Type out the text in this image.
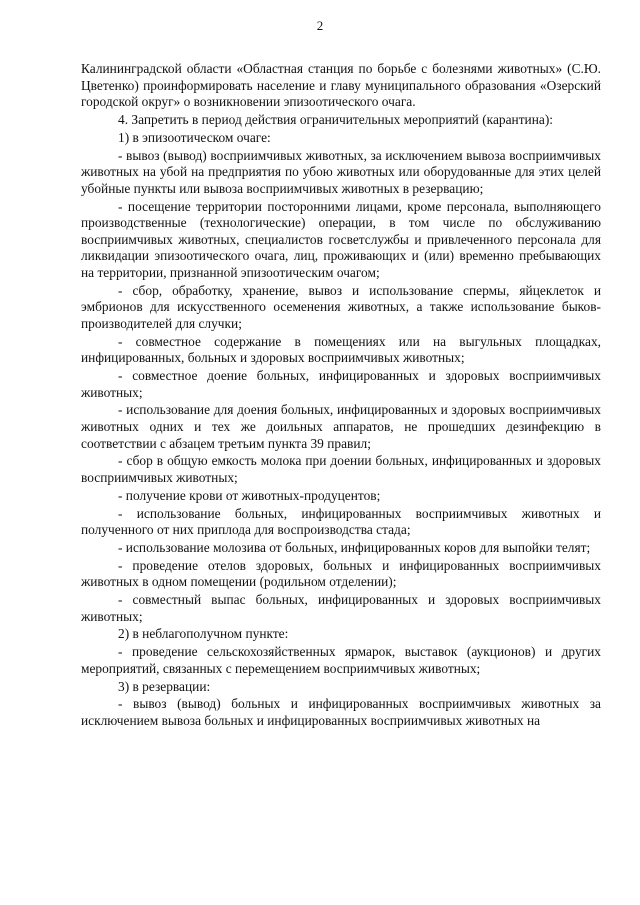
2

Калининградской области «Областная станция по борьбе с болезнями животных» (С.Ю. Цветенко) проинформировать население и главу муниципального образования «Озерский городской округ» о возникновении эпизоотического очага.

4. Запретить в период действия ограничительных мероприятий (карантина):

1) в эпизоотическом очаге:

- вывоз (вывод) восприимчивых животных, за исключением вывоза восприимчивых животных на убой на предприятия по убою животных или оборудованные для этих целей убойные пункты или вывоза восприимчивых животных в резервацию;

- посещение территории посторонними лицами, кроме персонала, выполняющего производственные (технологические) операции, в том числе по обслуживанию восприимчивых животных, специалистов госветслужбы и привлеченного персонала для ликвидации эпизоотического очага, лиц, проживающих и (или) временно пребывающих на территории, признанной эпизоотическим очагом;

- сбор, обработку, хранение, вывоз и использование спермы, яйцеклеток и эмбрионов для искусственного осеменения животных, а также использование быков-производителей для случки;

- совместное содержание в помещениях или на выгульных площадках, инфицированных, больных и здоровых восприимчивых животных;

- совместное доение больных, инфицированных и здоровых восприимчивых животных;

- использование для доения больных, инфицированных и здоровых восприимчивых животных одних и тех же доильных аппаратов, не прошедших дезинфекцию в соответствии с абзацем третьим пункта 39 правил;

- сбор в общую емкость молока при доении больных, инфицированных и здоровых восприимчивых животных;

- получение крови от животных-продуцентов;

- использование больных, инфицированных восприимчивых животных и полученного от них приплода для воспроизводства стада;

- использование молозива от больных, инфицированных коров для выпойки телят;

- проведение отелов здоровых, больных и инфицированных восприимчивых животных в одном помещении (родильном отделении);

- совместный выпас больных, инфицированных и здоровых восприимчивых животных;

2) в неблагополучном пункте:

- проведение сельскохозяйственных ярмарок, выставок (аукционов) и других мероприятий, связанных с перемещением восприимчивых животных;

3) в резервации:

- вывоз (вывод) больных и инфицированных восприимчивых животных за исключением вывоза больных и инфицированных восприимчивых животных на
